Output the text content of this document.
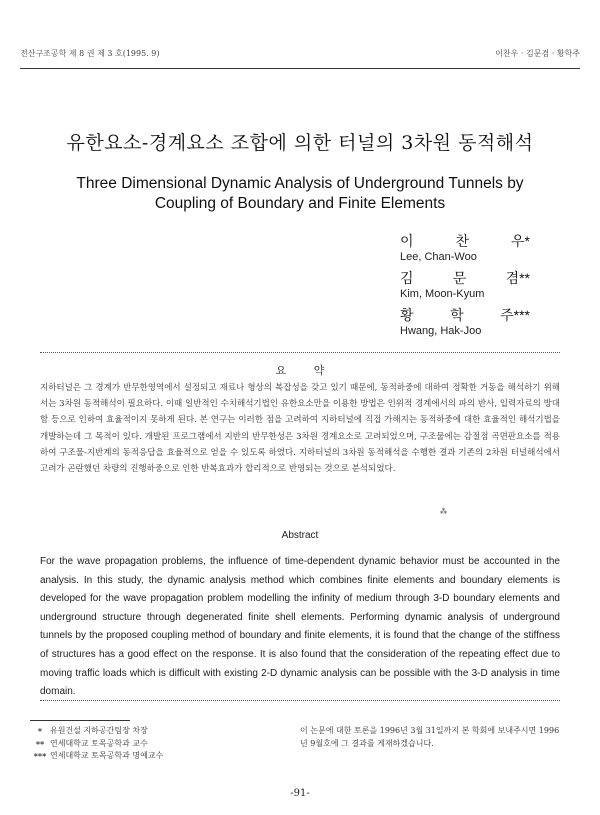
전산구조공학 제 8 권 제 3 호(1995. 9)	이찬우 · 김문겸 · 황학주
유한요소-경계요소 조합에 의한 터널의 3차원 동적해석
Three Dimensional Dynamic Analysis of Underground Tunnels by Coupling of Boundary and Finite Elements
이	찬	우*
Lee, Chan-Woo
김	문	겸**
Kim, Moon-Kyum
황	학	주***
Hwang, Hak-Joo
요 약
지하터널은 그 경계가 반무한영역에서 설정되고 재료나 형상의 복잡성을 갖고 있기 때문에, 동적하중에 대하여 정확한 거동을 해석하기 위해서는 3차원 동적해석이 필요하다. 이때 일반적인 수치해석기법인 유한요소만을 이용한 방법은 인위적 경계에서의 파의 반사, 입력자료의 방대함 등으로 인하여 효율적이지 못하게 된다. 본 연구는 이러한 점을 고려하여 지하터널에 직접 가해지는 동적하중에 대한 효율적인 해석기법을 개발하는데 그 목적이 있다. 개발된 프로그램에서 지반의 반무한성은 3차원 경계요소로 고려되었으며, 구조물에는 감절점 곡면판요소를 적용하여 구조물-지반계의 동적응답을 효율적으로 얻을 수 있도록 하였다. 지하터널의 3차원 동적해석을 수행한 결과 기존의 2차원 터널해석에서 고려가 곤란했던 차량의 진행하중으로 인한 반복효과가 합리적으로 반영되는 것으로 분석되었다.
⁂
Abstract
For the wave propagation problems, the influence of time-dependent dynamic behavior must be accounted in the analysis. In this study, the dynamic analysis method which combines finite elements and boundary elements is developed for the wave propagation problem modelling the infinity of medium through 3-D boundary elements and underground structure through degenerated finite shell elements. Performing dynamic analysis of underground tunnels by the proposed coupling method of boundary and finite elements, it is found that the change of the stiffness of structures has a good effect on the response. It is also found that the consideration of the repeating effect due to moving traffic loads which is difficult with existing 2-D dynamic analysis can be possible with the 3-D analysis in time domain.
* 유원건설 지하공간팀장 차장
** 연세대학교 토목공학과 교수
*** 연세대학교 토목공학과 명예교수
이 논문에 대한 토론을 1996년 3월 31일까지 본 학회에 보내주시면 1996년 9월호에 그 결과를 게재하겠습니다.
-91-
